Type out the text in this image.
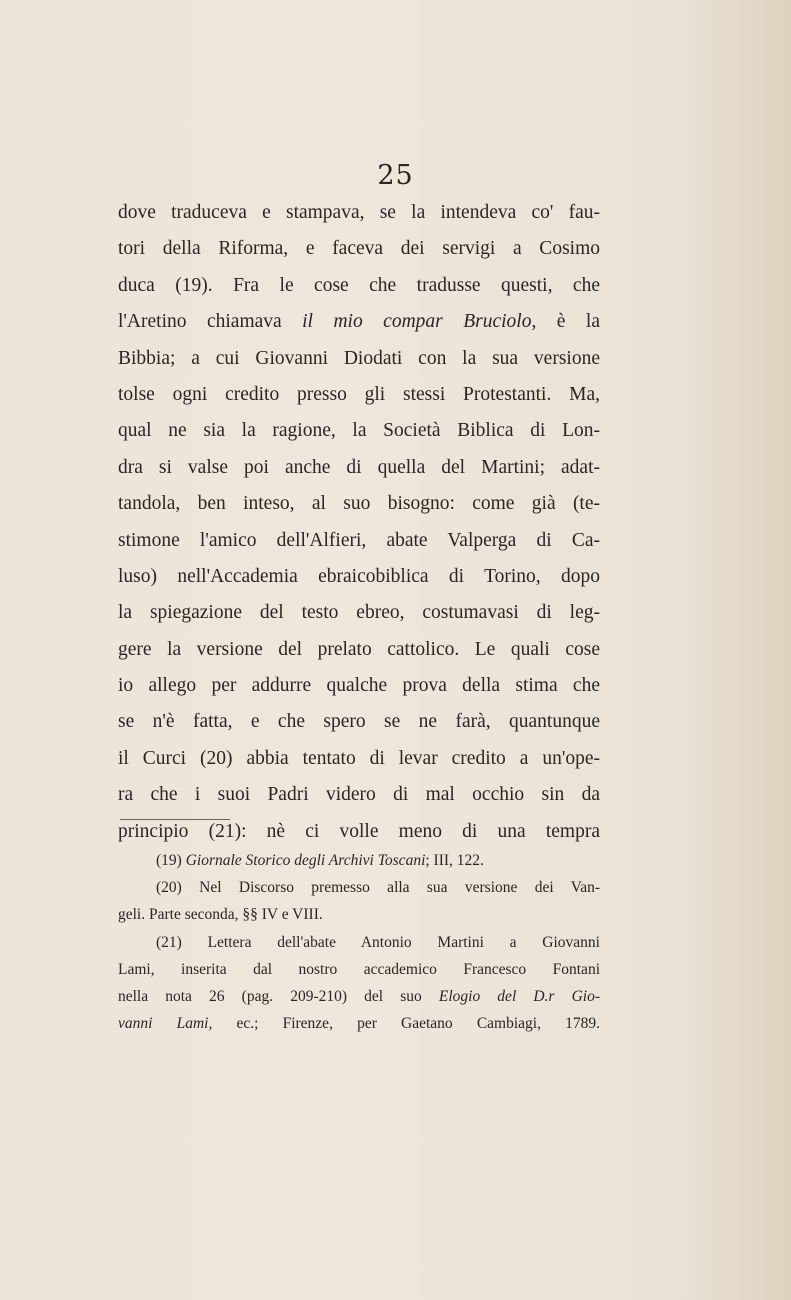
25
dove traduceva e stampava, se la intendeva co' fau-
tori della Riforma, e faceva dei servigi a Cosimo
duca (19). Fra le cose che tradusse questi, che
l'Aretino chiamava il mio compar Bruciolo, è la
Bibbia; a cui Giovanni Diodati con la sua versione
tolse ogni credito presso gli stessi Protestanti. Ma,
qual ne sia la ragione, la Società Biblica di Lon-
dra si valse poi anche di quella del Martini; adat-
tandola, ben inteso, al suo bisogno: come già (te-
stimone l'amico dell'Alfieri, abate Valperga di Ca-
luso) nell'Accademia ebraicobiblica di Torino, dopo
la spiegazione del testo ebreo, costumavasi di leg-
gere la versione del prelato cattolico. Le quali cose
io allego per addurre qualche prova della stima che
se n'è fatta, e che spero se ne farà, quantunque
il Curci (20) abbia tentato di levar credito a un'ope-
ra che i suoi Padri videro di mal occhio sin da
principio (21): nè ci volle meno di una tempra
(19) Giornale Storico degli Archivi Toscani; III, 122.
(20) Nel Discorso premesso alla sua versione dei Van-
geli. Parte seconda, §§ IV e VIII.
(21) Lettera dell'abate Antonio Martini a Giovanni
Lami, inserita dal nostro accademico Francesco Fontani
nella nota 26 (pag. 209-210) del suo Elogio del D.r Gio-
vanni Lami, ec.; Firenze, per Gaetano Cambiagi, 1789.
